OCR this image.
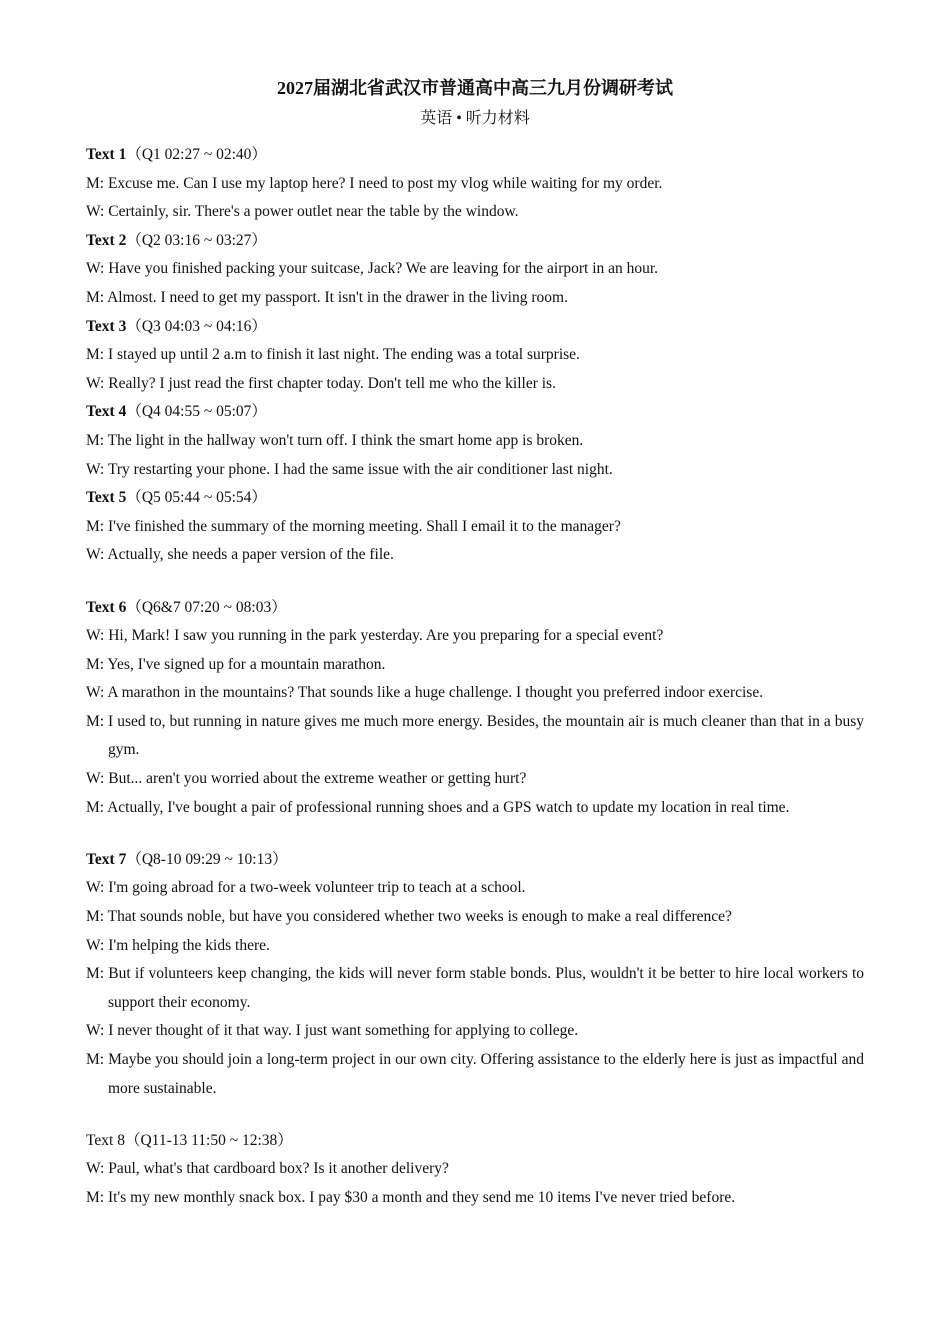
2027届湖北省武汉市普通高中高三九月份调研考试
英语 • 听力材料
Text 1（Q1 02:27 ~ 02:40）
M: Excuse me. Can I use my laptop here? I need to post my vlog while waiting for my order.
W: Certainly, sir. There's a power outlet near the table by the window.
Text 2（Q2 03:16 ~ 03:27）
W: Have you finished packing your suitcase, Jack? We are leaving for the airport in an hour.
M: Almost. I need to get my passport. It isn't in the drawer in the living room.
Text 3（Q3 04:03 ~ 04:16）
M: I stayed up until 2 a.m to finish it last night. The ending was a total surprise.
W: Really? I just read the first chapter today. Don't tell me who the killer is.
Text 4（Q4 04:55 ~ 05:07）
M: The light in the hallway won't turn off. I think the smart home app is broken.
W: Try restarting your phone. I had the same issue with the air conditioner last night.
Text 5（Q5 05:44 ~ 05:54）
M: I've finished the summary of the morning meeting. Shall I email it to the manager?
W: Actually, she needs a paper version of the file.
Text 6（Q6&7 07:20 ~ 08:03）
W: Hi, Mark! I saw you running in the park yesterday. Are you preparing for a special event?
M: Yes, I've signed up for a mountain marathon.
W: A marathon in the mountains? That sounds like a huge challenge. I thought you preferred indoor exercise.
M: I used to, but running in nature gives me much more energy. Besides, the mountain air is much cleaner than that in a busy gym.
W: But... aren't you worried about the extreme weather or getting hurt?
M: Actually, I've bought a pair of professional running shoes and a GPS watch to update my location in real time.
Text 7（Q8-10 09:29 ~ 10:13）
W: I'm going abroad for a two-week volunteer trip to teach at a school.
M: That sounds noble, but have you considered whether two weeks is enough to make a real difference?
W: I'm helping the kids there.
M: But if volunteers keep changing, the kids will never form stable bonds. Plus, wouldn't it be better to hire local workers to support their economy.
W: I never thought of it that way. I just want something for applying to college.
M: Maybe you should join a long-term project in our own city. Offering assistance to the elderly here is just as impactful and more sustainable.
Text 8（Q11-13 11:50 ~ 12:38）
W: Paul, what's that cardboard box? Is it another delivery?
M: It's my new monthly snack box. I pay $30 a month and they send me 10 items I've never tried before.
